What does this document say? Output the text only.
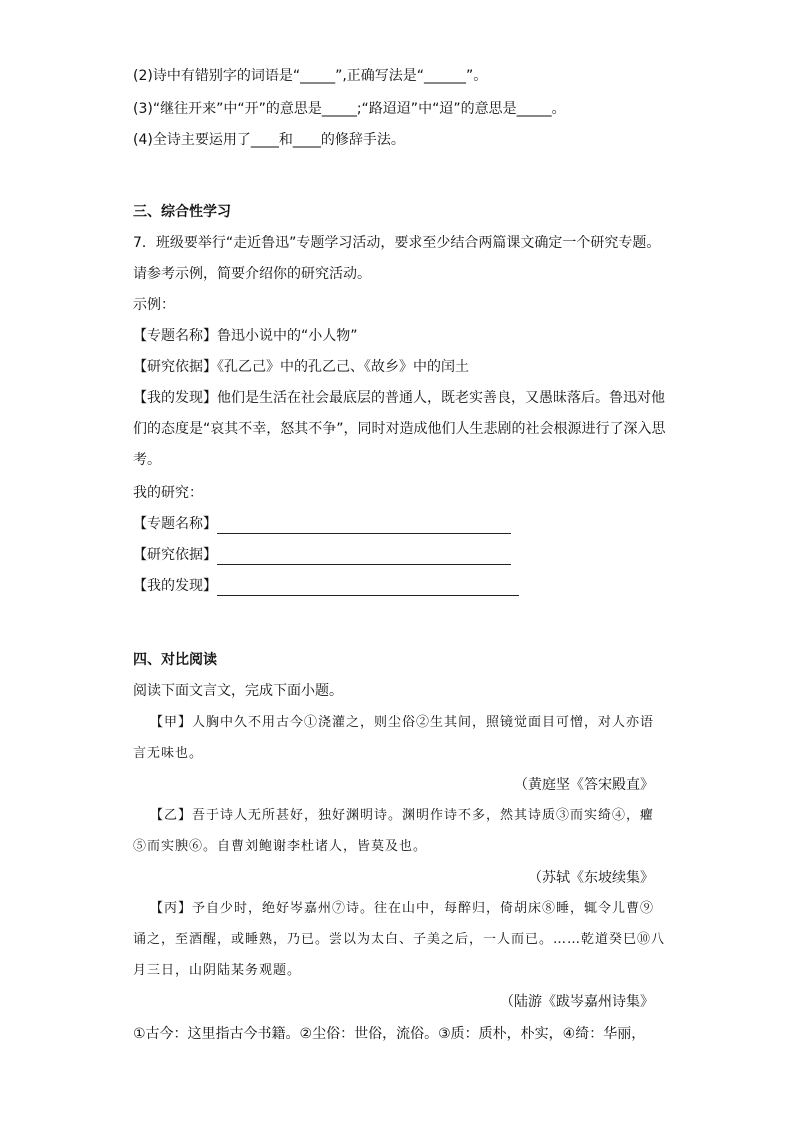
(2)诗中有错别字的词语是“_____”,正确写法是“______”。
(3)“继往开来”中“开”的意思是_____;“路迢迢”中“迢”的意思是_____。
(4)全诗主要运用了____和____的修辞手法。
三、综合性学习
7．班级要举行“走近鲁迅”专题学习活动，要求至少结合两篇课文确定一个研究专题。
请参考示例，简要介绍你的研究活动。
示例：
【专题名称】鲁迅小说中的“小人物”
【研究依据】《孔乙己》中的孔乙己、《故乡》中的闰土
【我的发现】他们是生活在社会最底层的普通人，既老实善良，又愚昧落后。鲁迅对他
们的态度是“哀其不幸，怒其不争”，同时对造成他们人生悲剧的社会根源进行了深入思
考。
我的研究：
【专题名称】
【研究依据】
【我的发现】
四、对比阅读
阅读下面文言文，完成下面小题。
【甲】人胸中久不用古今①浇灌之，则尘俗②生其间，照镜觉面目可憎，对人亦语
言无味也。
（黄庭坚《答宋殿直》
【乙】吾于诗人无所甚好，独好渊明诗。渊明作诗不多，然其诗质③而实绮④，癯
⑤而实腴⑥。自曹刘鲍谢李杜诸人，皆莫及也。
（苏轼《东坡续集》
【丙】予自少时，绝好岑嘉州⑦诗。往在山中，每醉归，倚胡床⑧睡，辄令儿曹⑨
诵之，至酒醒，或睡熟，乃已。尝以为太白、子美之后，一人而已。……乾道癸巳⑩八
月三日，山阴陆某务观题。
（陆游《跋岑嘉州诗集》
①古今：这里指古今书籍。②尘俗：世俗，流俗。③质：质朴，朴实，④绮：华丽，
